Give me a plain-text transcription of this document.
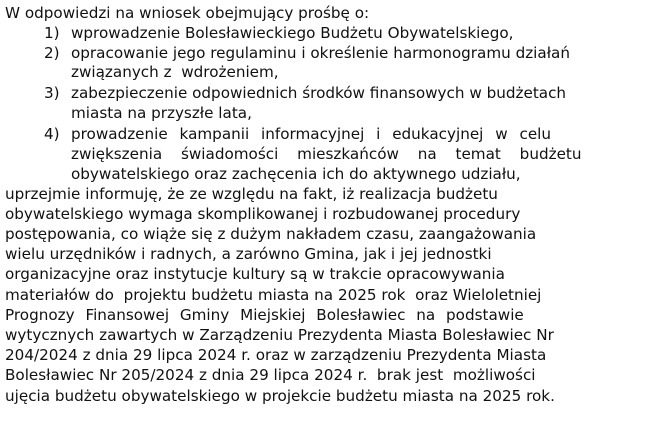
W odpowiedzi na wniosek obejmujący prośbę o:
1) wprowadzenie Bolesławieckiego Budżetu Obywatelskiego,
2) opracowanie jego regulaminu i określenie harmonogramu działań
związanych z  wdrożeniem,
3) zabezpieczenie odpowiednich środków finansowych w budżetach
miasta na przyszłe lata,
4) prowadzenie kampanii informacyjnej i edukacyjnej w celu
zwiększenia świadomości mieszkańców na temat budżetu
obywatelskiego oraz zachęcenia ich do aktywnego udziału,
uprzejmie informuję, że ze względu na fakt, iż realizacja budżetu
obywatelskiego wymaga skomplikowanej i rozbudowanej procedury
postępowania, co wiąże się z dużym nakładem czasu, zaangażowania
wielu urzędników i radnych, a zarówno Gmina, jak i jej jednostki
organizacyjne oraz instytucje kultury są w trakcie opracowywania
materiałów do  projektu budżetu miasta na 2025 rok  oraz Wieloletniej
Prognozy Finansowej Gminy Miejskiej Bolesławiec na podstawie
wytycznych zawartych w Zarządzeniu Prezydenta Miasta Bolesławiec Nr
204/2024 z dnia 29 lipca 2024 r. oraz w zarządzeniu Prezydenta Miasta
Bolesławiec Nr 205/2024 z dnia 29 lipca 2024 r.  brak jest  możliwości
ujęcia budżetu obywatelskiego w projekcie budżetu miasta na 2025 rok.
